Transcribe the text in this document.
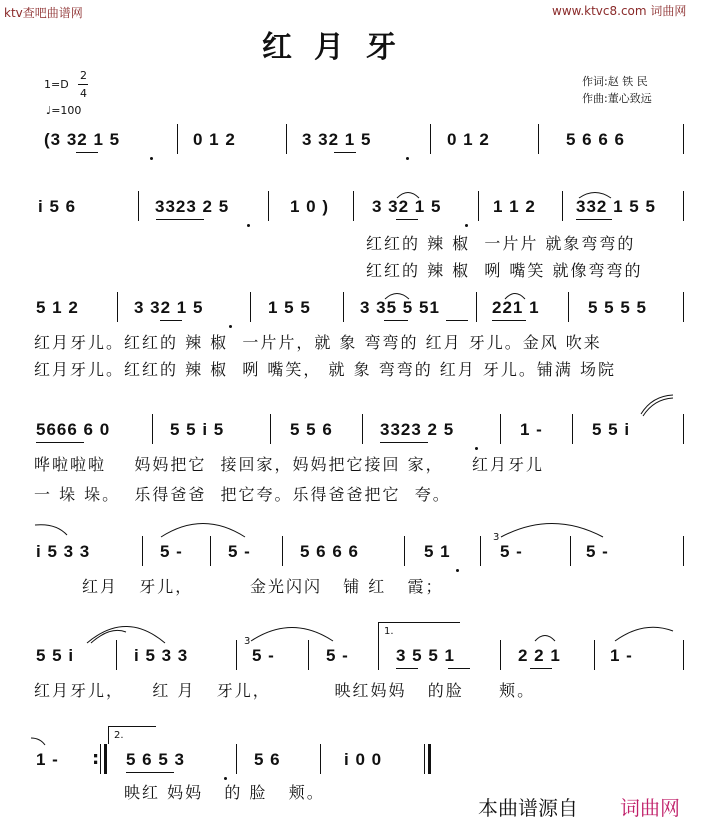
ktv查吧曲谱网	www.ktvc8.com 词曲网
红月牙
1=D
2
4
♩=100
作词:赵 铁 民
作曲:董心致远
(3 32 1 5	0 1 2	3 32 1 5	0 1 2	5 6 6 6
i 5 6	3323 2 5	1 0 )	3 32 1 5	1 1 2 332 1 5 5
红红的 辣 椒  一片片 就象弯弯的
红红的 辣 椒  咧 嘴笑 就像弯弯的
5 1 2	3 32 1 5	1 5 5	3 35 5 51	221 1	5 5 5 5
红月牙儿。红红的 辣 椒  一片片，就 象 弯弯的 红月 牙儿。金风 吹来
红月牙儿。红红的 辣 椒  咧 嘴笑， 就 象 弯弯的 红月 牙儿。铺满 场院
5666 6 0	5 5 i 5	5 5 6	3323 2 5	1 -	5 5 i
哗啦啦啦    妈妈把它  接回家，妈妈把它接回 家，    红月牙儿
一 垛 垛。  乐得爸爸  把它夸。乐得爸爸把它  夸。
i 5 3 3	5 -	5 -	5 6 6 6	5 1	5 -	5 -
3
红月   牙儿，        金光闪闪   铺 红   霞；
5 5 i	i 5 3 3	5 -	5 -	3 5 5 1	2 2 1	1 -
1.
3
红月牙儿，    红 月   牙儿，         映红妈妈   的脸     颊。
1 -	5 6 5 3	5 6	i 0 0
:
2.
映红 妈妈   的 脸   颊。
本曲谱源自 词曲网
